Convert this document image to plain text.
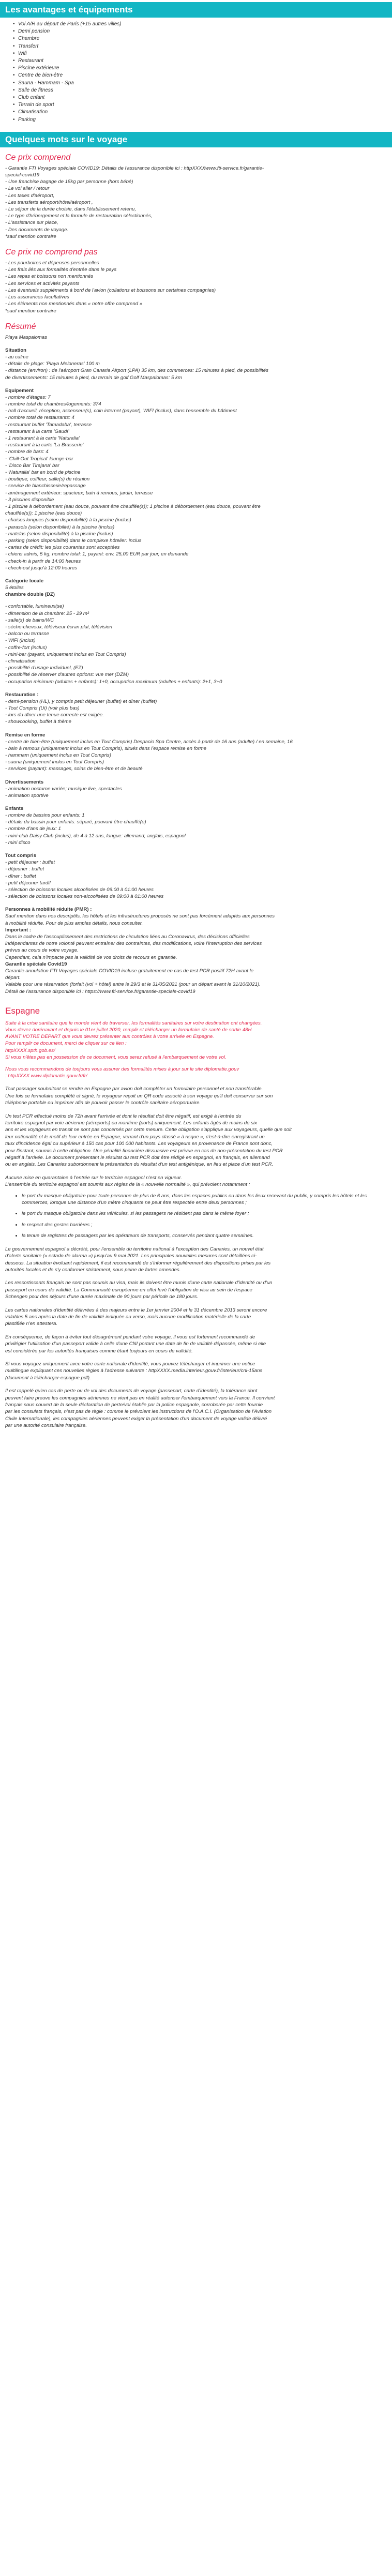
Les avantages et équipements
• Vol A/R au départ de Paris (+15 autres villes)
• Demi pension
• Chambre
• Transfert
• Wifi
• Restaurant
• Piscine extérieure
• Centre de bien-être
• Sauna - Hammam - Spa
• Salle de fitness
• Club enfant
• Terrain de sport
• Climatisation
• Parking
Quelques mots sur le voyage
Ce prix comprend
- Garantie FTI Voyages spéciale COVID19: Détails de l'assurance disponible ici : httpXXXXwww.fti-service.fr/garantie-
special-covid19
- Une franchise bagage de 15kg par personne (hors bébé)
- Le vol aller / retour
- Les taxes d'aéroport,
- Les transferts aéroport/hôtel/aéroport ,
- Le séjour de la durée choisie, dans l'établissement retenu,
- Le type d'hébergement et la formule de restauration sélectionnés,
- L'assistance sur place,
- Des documents de voyage.
*sauf mention contraire
Ce prix ne comprend pas
- Les pourboires et dépenses personnelles
- Les frais liés aux formalités d'entrée dans le pays
- Les repas et boissons non mentionnés
- Les services et activités payants
- Les éventuels suppléments à bord de l'avion (collations et boissons sur certaines compagnies)
- Les assurances facultatives
- Les éléments non mentionnés dans « notre offre comprend »
*sauf mention contraire
Résumé
Playa Maspalomas
Situation
- au calme
- détails de plage: 'Playa Meloneras' 100 m
- distance (environ) : de l'aéroport Gran Canaria Airport (LPA) 35 km, des commerces: 15 minutes à pied, de possibilités
de divertissements: 15 minutes à pied, du terrain de golf Golf Maspalomas: 5 km
Equipement
- nombre d'étages: 7
- nombre total de chambres/logements: 374
- hall d'accueil, réception, ascenseur(s), coin internet (payant), WIFI (inclus), dans l'ensemble du bâtiment
- nombre total de restaurants: 4
- restaurant buffet 'Tamadaba', terrasse
- restaurant à la carte 'Gaudí'
- 1 restaurant à la carte 'Naturalia'
- restaurant à la carte 'La Brasserie'
- nombre de bars: 4
- 'Chill-Out Tropical' lounge-bar
- 'Disco Bar Tirajana' bar
- 'Naturalia' bar en bord de piscine
- boutique, coiffeur, salle(s) de réunion
- service de blanchisserie/repassage
- aménagement extérieur: spacieux; bain à remous, jardin, terrasse
- 3 piscines disponible
- 1 piscine à débordement (eau douce, pouvant être chauffée(s)); 1 piscine à débordement (eau douce, pouvant être
chauffée(s)); 1 piscine (eau douce)
- chaises longues (selon disponibilité) à la piscine (inclus)
- parasols (selon disponibilité) à la piscine (inclus)
- matelas (selon disponibilité) à la piscine (inclus)
- parking (selon disponibilité) dans le complexe hôtelier: inclus
- cartes de crédit: les plus courantes sont acceptées
- chiens admis, 5 kg, nombre total: 1, payant: env. 25,00 EUR par jour, en demande
- check-in à partir de 14:00 heures
- check-out jusqu'à 12:00 heures
Catégorie locale
5 étoiles
chambre double (DZ)
- confortable, lumineux(se)
- dimension de la chambre: 25 - 29 m²
- salle(s) de bains/WC
- sèche-cheveux, téléviseur écran plat, télévision
- balcon ou terrasse
- WiFi (inclus)
- coffre-fort (inclus)
- mini-bar (payant, uniquement inclus en Tout Compris)
- climatisation
- possibilité d'usage individuel, (EZ)
- possibilité de réserver d'autres options: vue mer (DZM)
- occupation minimum (adultes + enfants): 1+0, occupation maximum (adultes + enfants): 2+1, 3+0
Restauration :
- demi-pension (HL), y compris petit déjeuner (buffet) et dîner (buffet)
- Tout Compris (Ui) (voir plus bas)
- lors du dîner une tenue correcte est exigée.
- showcooking, buffet à thème
Remise en forme
- centre de bien-être (uniquement inclus en Tout Compris) Despacio Spa Centre, accès à partir de 16 ans (adulte) / en semaine, 16
- bain à remous (uniquement inclus en Tout Compris), situés dans l'espace remise en forme
- hammam (uniquement inclus en Tout Compris)
- sauna (uniquement inclus en Tout Compris)
- services (payant): massages, soins de bien-être et de beauté
Divertissements
- animation nocturne variée; musique live, spectacles
- animation sportive
Enfants
- nombre de bassins pour enfants: 1
- détails du bassin pour enfants: séparé, pouvant être chauffé(e)
- nombre d'ans de jeux: 1
- mini-club Daisy Club (inclus), de 4 à 12 ans, langue: allemand, anglais, espagnol
- mini disco
Tout compris
- petit déjeuner : buffet
- déjeuner : buffet
- dîner : buffet
- petit déjeuner tardif
- sélection de boissons locales alcoolisées de 09:00 à 01:00 heures
- sélection de boissons locales non-alcoolisées de 09:00 à 01:00 heures
Personnes à mobilité réduite (PMR) :
Sauf mention dans nos descriptifs, les hôtels et les infrastructures proposés ne sont pas forcément adaptés aux personnes
à mobilité réduite. Pour de plus amples détails, nous consulter.
Important :
Dans le cadre de l'assouplissement des restrictions de circulation liées au Coronavirus, des décisions officielles
indépendantes de notre volonté peuvent entraîner des contraintes, des modifications, voire l'interruption des services
prévus au cours de votre voyage.
Cependant, cela n'impacte pas la validité de vos droits de recours en garantie.
Garantie spéciale Covid19
Garantie annulation FTI Voyages spéciale COVID19 incluse gratuitement en cas de test PCR positif 72H avant le
départ.
Valable pour une réservation (forfait (vol + hôtel) entre le 29/3 et le 31/05/2021 (pour un départ avant le 31/10/2021).
Détail de l'assurance disponible ici : https://www.fti-service.fr/garantie-speciale-covid19
Espagne
Suite à la crise sanitaire que le monde vient de traverser, les formalités sanitaires sur votre destination ont changées.
Vous devez dorénavant et depuis le 01er juillet 2020, remplir et télécharger un formulaire de santé de sortie 48H
AVANT VOTRE DÉPART que vous devrez présenter aux contrôles à votre arrivée en Espagne.
Pour remplir ce document, merci de cliquer sur ce lien :
httpXXXX.spth.gob.es/
Si vous n'êtes pas en possession de ce document, vous serez refusé à l'embarquement de votre vol.
Nous vous recommandons de toujours vous assurer des formalités mises à jour sur le site diplomatie.gouv
: httpXXXX.www.diplomatie.gouv.fr/fr/
Tout passager souhaitant se rendre en Espagne par avion doit compléter un formulaire personnel et non transférable.
Une fois ce formulaire complété et signé, le voyageur reçoit un QR code associé à son voyage qu'il doit conserver sur son
téléphone portable ou imprimer afin de pouvoir passer le contrôle sanitaire aéroportuaire.
Un test PCR effectué moins de 72h avant l'arrivée et dont le résultat doit être négatif, est exigé à l'entrée du
territoire espagnol par voie aérienne (aéroports) ou maritime (ports) uniquement. Les enfants âgés de moins de six
ans et les voyageurs en transit ne sont pas concernés par cette mesure. Cette obligation s'applique aux voyageurs, quelle que soit
leur nationalité et le motif de leur entrée en Espagne, venant d'un pays classé « à risque », c'est-à-dire enregistrant un
taux d'incidence égal ou supérieur à 150 cas pour 100 000 habitants. Les voyageurs en provenance de France sont donc,
pour l'instant, soumis à cette obligation. Une pénalité financière dissuasive est prévue en cas de non-présentation du test PCR
négatif à l'arrivée. Le document présentant le résultat du test PCR doit être rédigé en espagnol, en français, en allemand
ou en anglais. Les Canaries subordonnent la présentation du résultat d'un test antigénique, en lieu et place d'un test PCR.
Aucune mise en quarantaine à l'entrée sur le territoire espagnol n'est en vigueur.
L'ensemble du territoire espagnol est soumis aux règles de la « nouvelle normalité », qui prévoient notamment :
• le port du masque obligatoire pour toute personne de plus de 6 ans, dans les espaces publics ou dans les lieux recevant du public, y compris les hôtels et les commerces, lorsque une distance d'un mètre cinquante ne peut être respectée entre deux personnes ;
• le port du masque obligatoire dans les véhicules, si les passagers ne résident pas dans le même foyer ;
• le respect des gestes barrières ;
• la tenue de registres de passagers par les opérateurs de transports, conservés pendant quatre semaines.
Le gouvernement espagnol a décrété, pour l'ensemble du territoire national à l'exception des Canaries, un nouvel état
d'alerte sanitaire (« estado de alarma ») jusqu'au 9 mai 2021. Les principales nouvelles mesures sont détaillées ci-
dessous. La situation évoluant rapidement, il est recommandé de s'informer régulièrement des dispositions prises par les
autorités locales et de s'y conformer strictement, sous peine de fortes amendes.
Les ressortissants français ne sont pas soumis au visa, mais ils doivent être munis d'une carte nationale d'identité ou d'un
passeport en cours de validité. La Communauté européenne en effet levé l'obligation de visa au sein de l'espace
Schengen pour des séjours d'une durée maximale de 90 jours par période de 180 jours.
Les cartes nationales d'identité délivrées à des majeurs entre le 1er janvier 2004 et le 31 décembre 2013 seront encore
valables 5 ans après la date de fin de validité indiquée au verso, mais aucune modification matérielle de la carte
plastifiée n'en attestera.
En conséquence, de façon à éviter tout désagrément pendant votre voyage, il vous est fortement recommandé de
privilégier l'utilisation d'un passeport valide à celle d'une CNI portant une date de fin de validité dépassée, même si elle
est considérée par les autorités françaises comme étant toujours en cours de validité.
Si vous voyagez uniquement avec votre carte nationale d'identité, vous pouvez télécharger et imprimer une notice
multilingue expliquant ces nouvelles règles à l'adresse suivante : httpXXXX.media.interieur.gouv.fr/interieur/cni-15ans
(document à télécharger-espagne.pdf).
Il est rappelé qu'en cas de perte ou de vol des documents de voyage (passeport, carte d'identité), la tolérance dont
peuvent faire preuve les compagnies aériennes ne vient pas en réalité autoriser l'embarquement vers la France. Il convient
français sous couvert de la seule déclaration de perte/vol établie par la police espagnole, corroborée par cette fournie
par les consulats français, n'est pas de règle : comme le prévoient les instructions de l'O.A.C.I. (Organisation de l'Aviation
Civile Internationale), les compagnies aériennes peuvent exiger la présentation d'un document de voyage valide délivré
par une autorité consulaire française.
